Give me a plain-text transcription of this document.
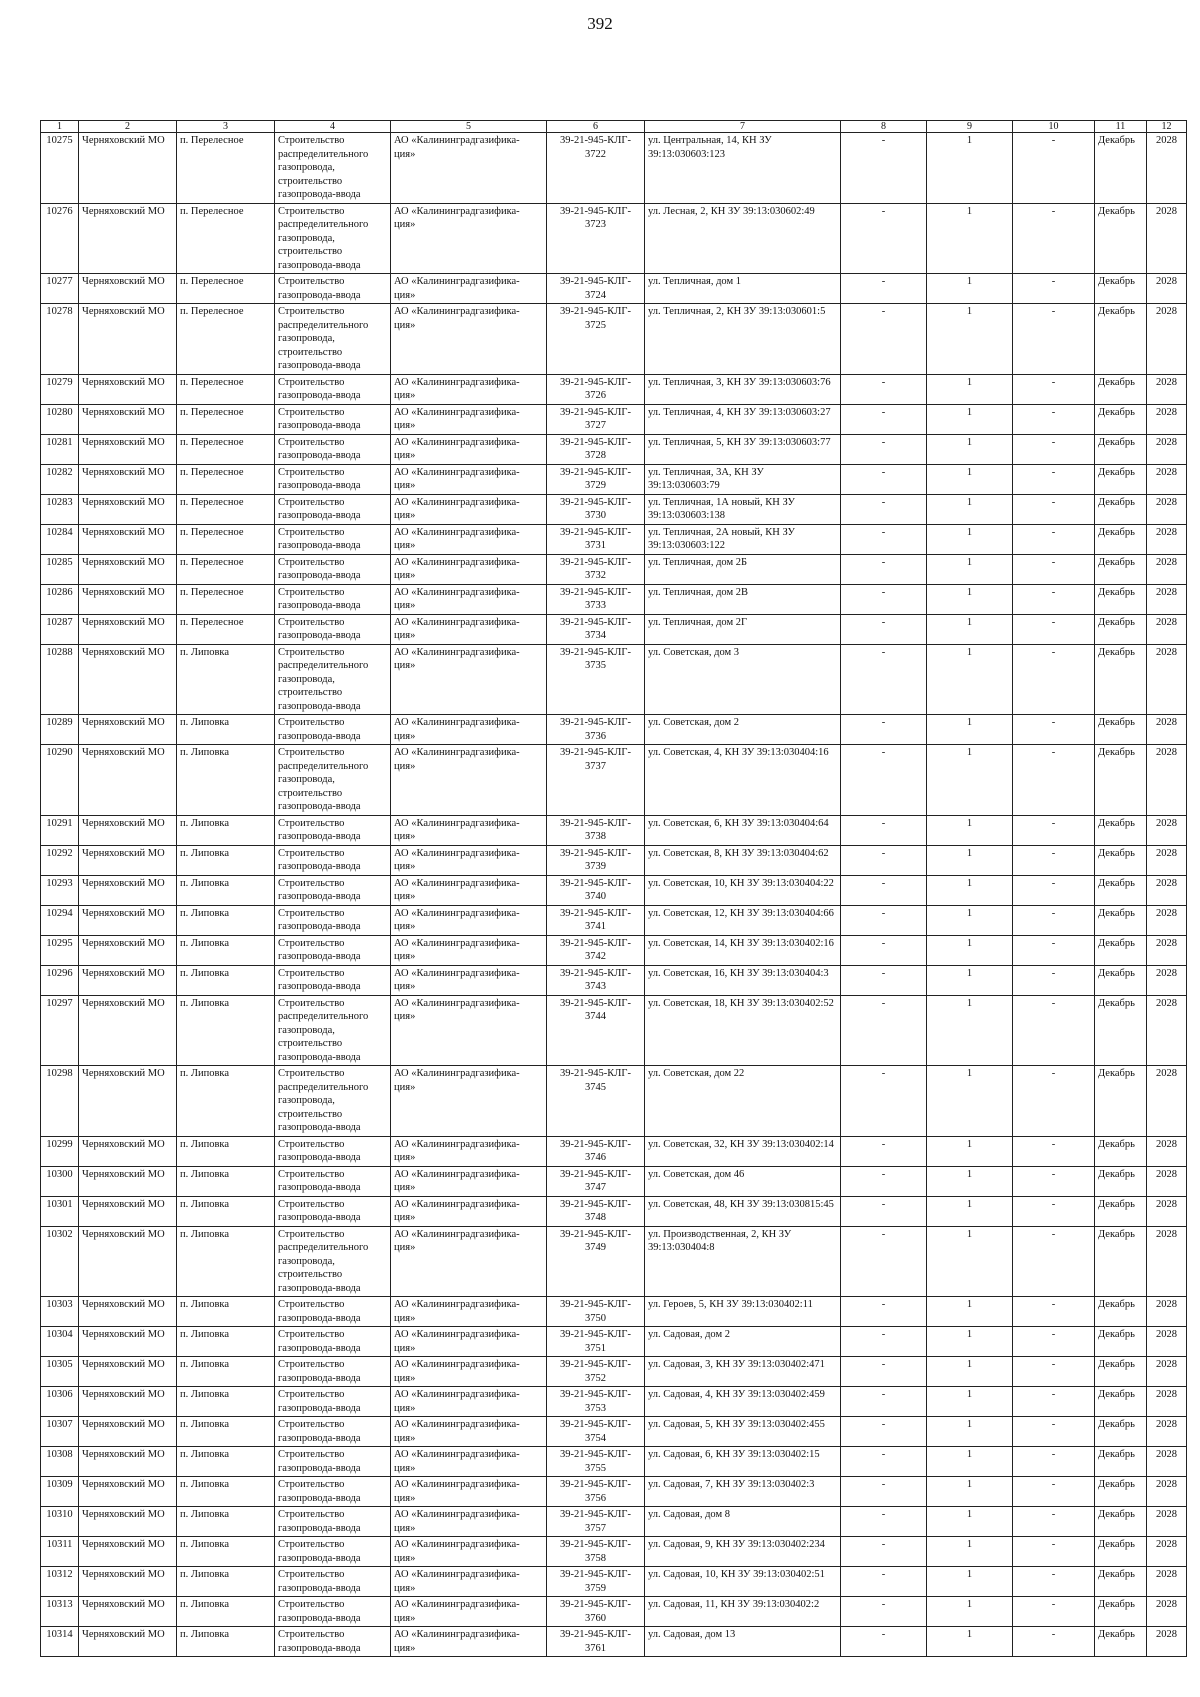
392
1	2	3	4	5	6	7	8	9	10	11	12
10275	Черняховский МО	п. Перелесное	Строительство распределительного газопровода, строительство газопровода-ввода	АО «Калининградгазифика- ция»	39-21-945-КЛГ- 3722	ул. Центральная, 14, КН ЗУ 39:13:030603:123	-	1	-	Декабрь	2028
10276	Черняховский МО	п. Перелесное	Строительство распределительного газопровода, строительство газопровода-ввода	АО «Калининградгазифика- ция»	39-21-945-КЛГ- 3723	ул. Лесная, 2, КН ЗУ 39:13:030602:49	-	1	-	Декабрь	2028
10277	Черняховский МО	п. Перелесное	Строительство газопровода-ввода	АО «Калининградгазифика- ция»	39-21-945-КЛГ- 3724	ул. Тепличная, дом 1	-	1	-	Декабрь	2028
10278	Черняховский МО	п. Перелесное	Строительство распределительного газопровода, строительство газопровода-ввода	АО «Калининградгазифика- ция»	39-21-945-КЛГ- 3725	ул. Тепличная, 2, КН ЗУ 39:13:030601:5	-	1	-	Декабрь	2028
10279	Черняховский МО	п. Перелесное	Строительство газопровода-ввода	АО «Калининградгазифика- ция»	39-21-945-КЛГ- 3726	ул. Тепличная, 3, КН ЗУ 39:13:030603:76	-	1	-	Декабрь	2028
10280	Черняховский МО	п. Перелесное	Строительство газопровода-ввода	АО «Калининградгазифика- ция»	39-21-945-КЛГ- 3727	ул. Тепличная, 4, КН ЗУ 39:13:030603:27	-	1	-	Декабрь	2028
10281	Черняховский МО	п. Перелесное	Строительство газопровода-ввода	АО «Калининградгазифика- ция»	39-21-945-КЛГ- 3728	ул. Тепличная, 5, КН ЗУ 39:13:030603:77	-	1	-	Декабрь	2028
10282	Черняховский МО	п. Перелесное	Строительство газопровода-ввода	АО «Калининградгазифика- ция»	39-21-945-КЛГ- 3729	ул. Тепличная, 3А, КН ЗУ 39:13:030603:79	-	1	-	Декабрь	2028
10283	Черняховский МО	п. Перелесное	Строительство газопровода-ввода	АО «Калининградгазифика- ция»	39-21-945-КЛГ- 3730	ул. Тепличная, 1А новый, КН ЗУ 39:13:030603:138	-	1	-	Декабрь	2028
10284	Черняховский МО	п. Перелесное	Строительство газопровода-ввода	АО «Калининградгазифика- ция»	39-21-945-КЛГ- 3731	ул. Тепличная, 2А новый, КН ЗУ 39:13:030603:122	-	1	-	Декабрь	2028
10285	Черняховский МО	п. Перелесное	Строительство газопровода-ввода	АО «Калининградгазифика- ция»	39-21-945-КЛГ- 3732	ул. Тепличная, дом 2Б	-	1	-	Декабрь	2028
10286	Черняховский МО	п. Перелесное	Строительство газопровода-ввода	АО «Калининградгазифика- ция»	39-21-945-КЛГ- 3733	ул. Тепличная, дом 2В	-	1	-	Декабрь	2028
10287	Черняховский МО	п. Перелесное	Строительство газопровода-ввода	АО «Калининградгазифика- ция»	39-21-945-КЛГ- 3734	ул. Тепличная, дом 2Г	-	1	-	Декабрь	2028
10288	Черняховский МО	п. Липовка	Строительство распределительного газопровода, строительство газопровода-ввода	АО «Калининградгазифика- ция»	39-21-945-КЛГ- 3735	ул. Советская, дом 3	-	1	-	Декабрь	2028
10289	Черняховский МО	п. Липовка	Строительство газопровода-ввода	АО «Калининградгазифика- ция»	39-21-945-КЛГ- 3736	ул. Советская, дом 2	-	1	-	Декабрь	2028
10290	Черняховский МО	п. Липовка	Строительство распределительного газопровода, строительство газопровода-ввода	АО «Калининградгазифика- ция»	39-21-945-КЛГ- 3737	ул. Советская, 4, КН ЗУ 39:13:030404:16	-	1	-	Декабрь	2028
10291	Черняховский МО	п. Липовка	Строительство газопровода-ввода	АО «Калининградгазифика- ция»	39-21-945-КЛГ- 3738	ул. Советская, 6, КН ЗУ 39:13:030404:64	-	1	-	Декабрь	2028
10292	Черняховский МО	п. Липовка	Строительство газопровода-ввода	АО «Калининградгазифика- ция»	39-21-945-КЛГ- 3739	ул. Советская, 8, КН ЗУ 39:13:030404:62	-	1	-	Декабрь	2028
10293	Черняховский МО	п. Липовка	Строительство газопровода-ввода	АО «Калининградгазифика- ция»	39-21-945-КЛГ- 3740	ул. Советская, 10, КН ЗУ 39:13:030404:22	-	1	-	Декабрь	2028
10294	Черняховский МО	п. Липовка	Строительство газопровода-ввода	АО «Калининградгазифика- ция»	39-21-945-КЛГ- 3741	ул. Советская, 12, КН ЗУ 39:13:030404:66	-	1	-	Декабрь	2028
10295	Черняховский МО	п. Липовка	Строительство газопровода-ввода	АО «Калининградгазифика- ция»	39-21-945-КЛГ- 3742	ул. Советская, 14, КН ЗУ 39:13:030402:16	-	1	-	Декабрь	2028
10296	Черняховский МО	п. Липовка	Строительство газопровода-ввода	АО «Калининградгазифика- ция»	39-21-945-КЛГ- 3743	ул. Советская, 16, КН ЗУ 39:13:030404:3	-	1	-	Декабрь	2028
10297	Черняховский МО	п. Липовка	Строительство распределительного газопровода, строительство газопровода-ввода	АО «Калининградгазифика- ция»	39-21-945-КЛГ- 3744	ул. Советская, 18, КН ЗУ 39:13:030402:52	-	1	-	Декабрь	2028
10298	Черняховский МО	п. Липовка	Строительство распределительного газопровода, строительство газопровода-ввода	АО «Калининградгазифика- ция»	39-21-945-КЛГ- 3745	ул. Советская, дом 22	-	1	-	Декабрь	2028
10299	Черняховский МО	п. Липовка	Строительство газопровода-ввода	АО «Калининградгазифика- ция»	39-21-945-КЛГ- 3746	ул. Советская, 32, КН ЗУ 39:13:030402:14	-	1	-	Декабрь	2028
10300	Черняховский МО	п. Липовка	Строительство газопровода-ввода	АО «Калининградгазифика- ция»	39-21-945-КЛГ- 3747	ул. Советская, дом 46	-	1	-	Декабрь	2028
10301	Черняховский МО	п. Липовка	Строительство газопровода-ввода	АО «Калининградгазифика- ция»	39-21-945-КЛГ- 3748	ул. Советская, 48, КН ЗУ 39:13:030815:45	-	1	-	Декабрь	2028
10302	Черняховский МО	п. Липовка	Строительство распределительного газопровода, строительство газопровода-ввода	АО «Калининградгазифика- ция»	39-21-945-КЛГ- 3749	ул. Производственная, 2, КН ЗУ 39:13:030404:8	-	1	-	Декабрь	2028
10303	Черняховский МО	п. Липовка	Строительство газопровода-ввода	АО «Калининградгазифика- ция»	39-21-945-КЛГ- 3750	ул. Героев, 5, КН ЗУ 39:13:030402:11	-	1	-	Декабрь	2028
10304	Черняховский МО	п. Липовка	Строительство газопровода-ввода	АО «Калининградгазифика- ция»	39-21-945-КЛГ- 3751	ул. Садовая, дом 2	-	1	-	Декабрь	2028
10305	Черняховский МО	п. Липовка	Строительство газопровода-ввода	АО «Калининградгазифика- ция»	39-21-945-КЛГ- 3752	ул. Садовая, 3, КН ЗУ 39:13:030402:471	-	1	-	Декабрь	2028
10306	Черняховский МО	п. Липовка	Строительство газопровода-ввода	АО «Калининградгазифика- ция»	39-21-945-КЛГ- 3753	ул. Садовая, 4, КН ЗУ 39:13:030402:459	-	1	-	Декабрь	2028
10307	Черняховский МО	п. Липовка	Строительство газопровода-ввода	АО «Калининградгазифика- ция»	39-21-945-КЛГ- 3754	ул. Садовая, 5, КН ЗУ 39:13:030402:455	-	1	-	Декабрь	2028
10308	Черняховский МО	п. Липовка	Строительство газопровода-ввода	АО «Калининградгазифика- ция»	39-21-945-КЛГ- 3755	ул. Садовая, 6, КН ЗУ 39:13:030402:15	-	1	-	Декабрь	2028
10309	Черняховский МО	п. Липовка	Строительство газопровода-ввода	АО «Калининградгазифика- ция»	39-21-945-КЛГ- 3756	ул. Садовая, 7, КН ЗУ 39:13:030402:3	-	1	-	Декабрь	2028
10310	Черняховский МО	п. Липовка	Строительство газопровода-ввода	АО «Калининградгазифика- ция»	39-21-945-КЛГ- 3757	ул. Садовая, дом 8	-	1	-	Декабрь	2028
10311	Черняховский МО	п. Липовка	Строительство газопровода-ввода	АО «Калининградгазифика- ция»	39-21-945-КЛГ- 3758	ул. Садовая, 9, КН ЗУ 39:13:030402:234	-	1	-	Декабрь	2028
10312	Черняховский МО	п. Липовка	Строительство газопровода-ввода	АО «Калининградгазифика- ция»	39-21-945-КЛГ- 3759	ул. Садовая, 10, КН ЗУ 39:13:030402:51	-	1	-	Декабрь	2028
10313	Черняховский МО	п. Липовка	Строительство газопровода-ввода	АО «Калининградгазифика- ция»	39-21-945-КЛГ- 3760	ул. Садовая, 11, КН ЗУ 39:13:030402:2	-	1	-	Декабрь	2028
10314	Черняховский МО	п. Липовка	Строительство газопровода-ввода	АО «Калининградгазифика- ция»	39-21-945-КЛГ- 3761	ул. Садовая, дом 13	-	1	-	Декабрь	2028
